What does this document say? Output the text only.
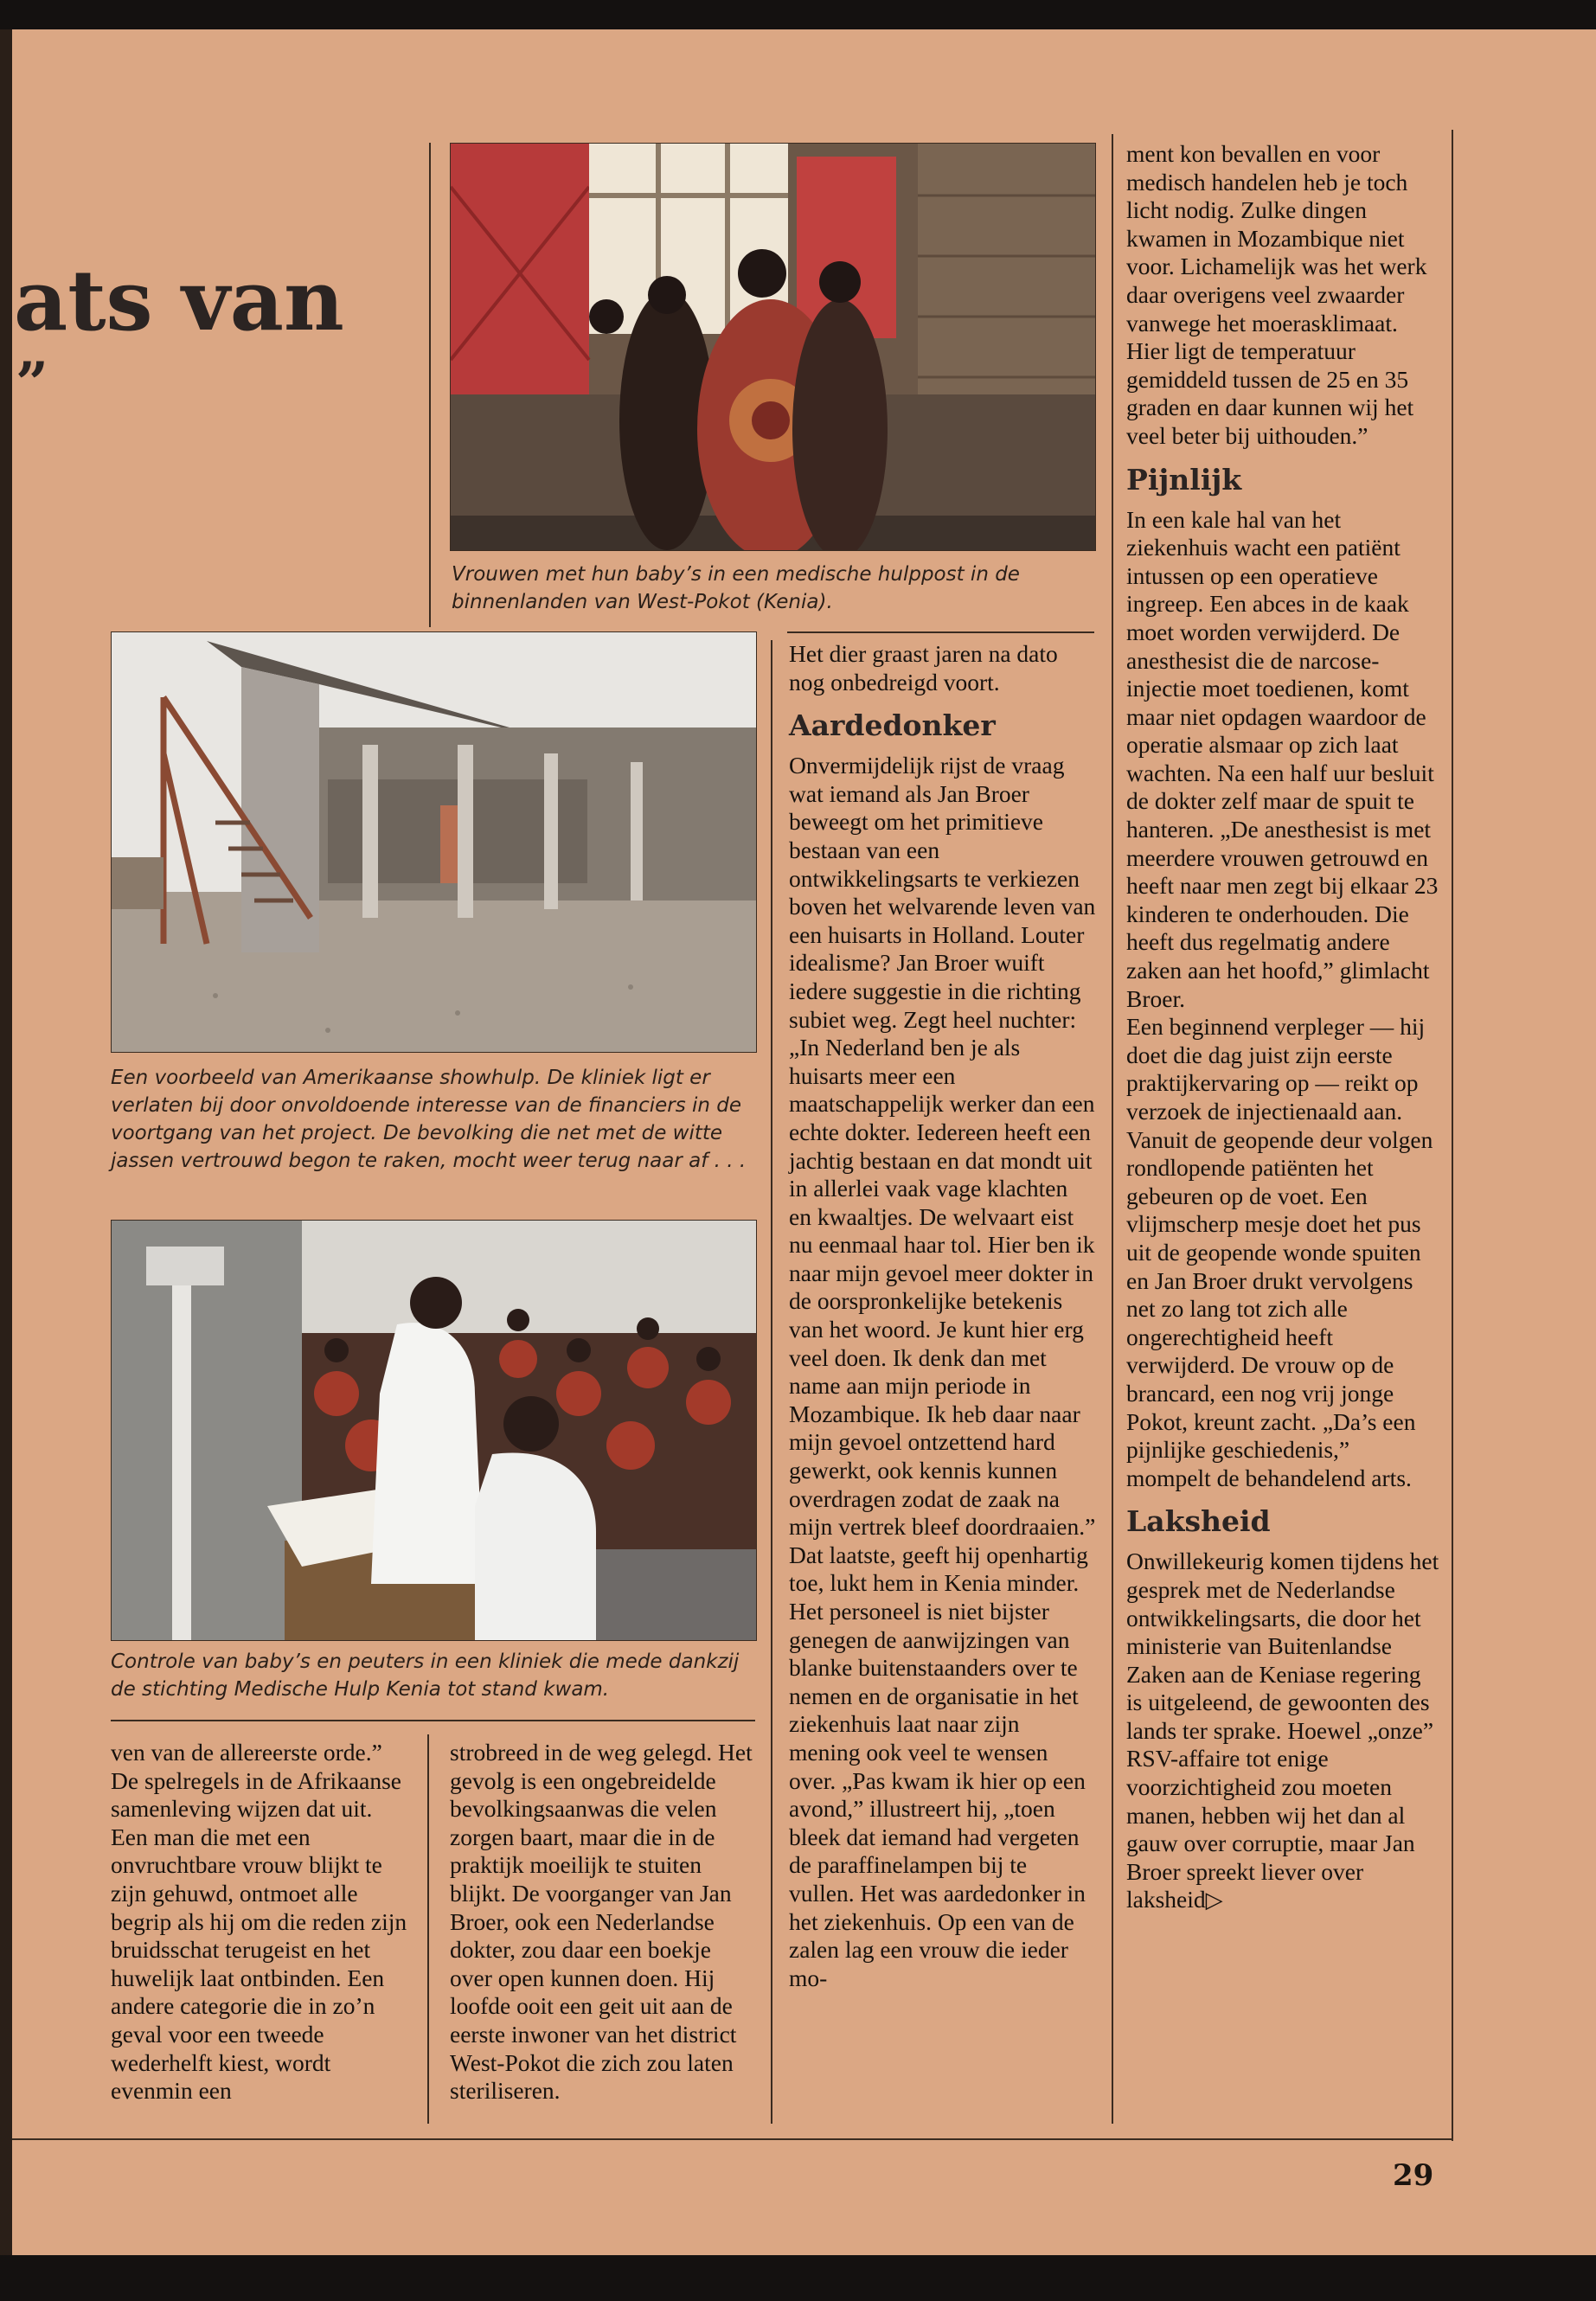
ats van
”
Vrouwen met hun baby’s in een medische hulppost in de binnenlanden van West-Pokot (Kenia).
Een voorbeeld van Amerikaanse showhulp. De kliniek ligt er verlaten bij door onvoldoende interesse van de financiers in de voortgang van het project. De bevolking die net met de witte jassen vertrouwd begon te raken, mocht weer terug naar af . . .
Controle van baby’s en peuters in een kliniek die mede dankzij de stichting Medische Hulp Kenia tot stand kwam.

ven van de allereerste orde.”

De spelregels in de Afrikaanse samenleving wijzen dat uit. Een man die met een onvruchtbare vrouw blijkt te zijn gehuwd, ontmoet alle begrip als hij om die reden zijn bruidsschat terugeist en het huwelijk laat ontbinden. Een andere categorie die in zo’n geval voor een tweede wederhelft kiest, wordt evenmin een

strobreed in de weg gelegd. Het gevolg is een ongebreidelde bevolkingsaanwas die velen zorgen baart, maar die in de praktijk moeilijk te stuiten blijkt. De voorganger van Jan Broer, ook een Nederlandse dokter, zou daar een boekje over open kunnen doen. Hij loofde ooit een geit uit aan de eerste inwoner van het district West-Pokot die zich zou laten steriliseren.

Het dier graast jaren na dato nog onbedreigd voort.

Aardedonker

Onvermijdelijk rijst de vraag wat iemand als Jan Broer beweegt om het primitieve bestaan van een ontwikkelingsarts te verkiezen boven het welvarende leven van een huisarts in Holland. Louter idealisme? Jan Broer wuift iedere suggestie in die richting subiet weg. Zegt heel nuchter: „In Nederland ben je als huisarts meer een maatschappelijk werker dan een echte dokter. Iedereen heeft een jachtig bestaan en dat mondt uit in allerlei vaak vage klachten en kwaaltjes. De welvaart eist nu eenmaal haar tol. Hier ben ik naar mijn gevoel meer dokter in de oorspronkelijke betekenis van het woord. Je kunt hier erg veel doen. Ik denk dan met name aan mijn periode in Mozambique. Ik heb daar naar mijn gevoel ontzettend hard gewerkt, ook kennis kunnen overdragen zodat de zaak na mijn vertrek bleef doordraaien.”

Dat laatste, geeft hij openhartig toe, lukt hem in Kenia minder. Het personeel is niet bijster genegen de aanwijzingen van blanke buitenstaanders over te nemen en de organisatie in het ziekenhuis laat naar zijn mening ook veel te wensen over. „Pas kwam ik hier op een avond,” illustreert hij, „toen bleek dat iemand had vergeten de paraffinelampen bij te vullen. Het was aardedonker in het ziekenhuis. Op een van de zalen lag een vrouw die ieder mo-

ment kon bevallen en voor medisch handelen heb je toch licht nodig. Zulke dingen kwamen in Mozambique niet voor. Lichamelijk was het werk daar overigens veel zwaarder vanwege het moerasklimaat. Hier ligt de temperatuur gemiddeld tussen de 25 en 35 graden en daar kunnen wij het veel beter bij uithouden.”

Pijnlijk

In een kale hal van het ziekenhuis wacht een patiënt intussen op een operatieve ingreep. Een abces in de kaak moet worden verwijderd. De anesthesist die de narcose-injectie moet toedienen, komt maar niet opdagen waardoor de operatie alsmaar op zich laat wachten. Na een half uur besluit de dokter zelf maar de spuit te hanteren. „De anesthesist is met meerdere vrouwen getrouwd en heeft naar men zegt bij elkaar 23 kinderen te onderhouden. Die heeft dus regelmatig andere zaken aan het hoofd,” glimlacht Broer.

Een beginnend verpleger — hij doet die dag juist zijn eerste praktijkervaring op — reikt op verzoek de injectienaald aan. Vanuit de geopende deur volgen rondlopende patiënten het gebeuren op de voet. Een vlijmscherp mesje doet het pus uit de geopende wonde spuiten en Jan Broer drukt vervolgens net zo lang tot zich alle ongerechtigheid heeft verwijderd. De vrouw op de brancard, een nog vrij jonge Pokot, kreunt zacht. „Da’s een pijnlijke geschiedenis,” mompelt de behandelend arts.

Laksheid

Onwillekeurig komen tijdens het gesprek met de Nederlandse ontwikkelingsarts, die door het ministerie van Buitenlandse Zaken aan de Keniase regering is uitgeleend, de gewoonten des lands ter sprake. Hoewel „onze” RSV-affaire tot enige voorzichtigheid zou moeten manen, hebben wij het dan al gauw over corruptie, maar Jan Broer spreekt liever over laksheid▷

29
